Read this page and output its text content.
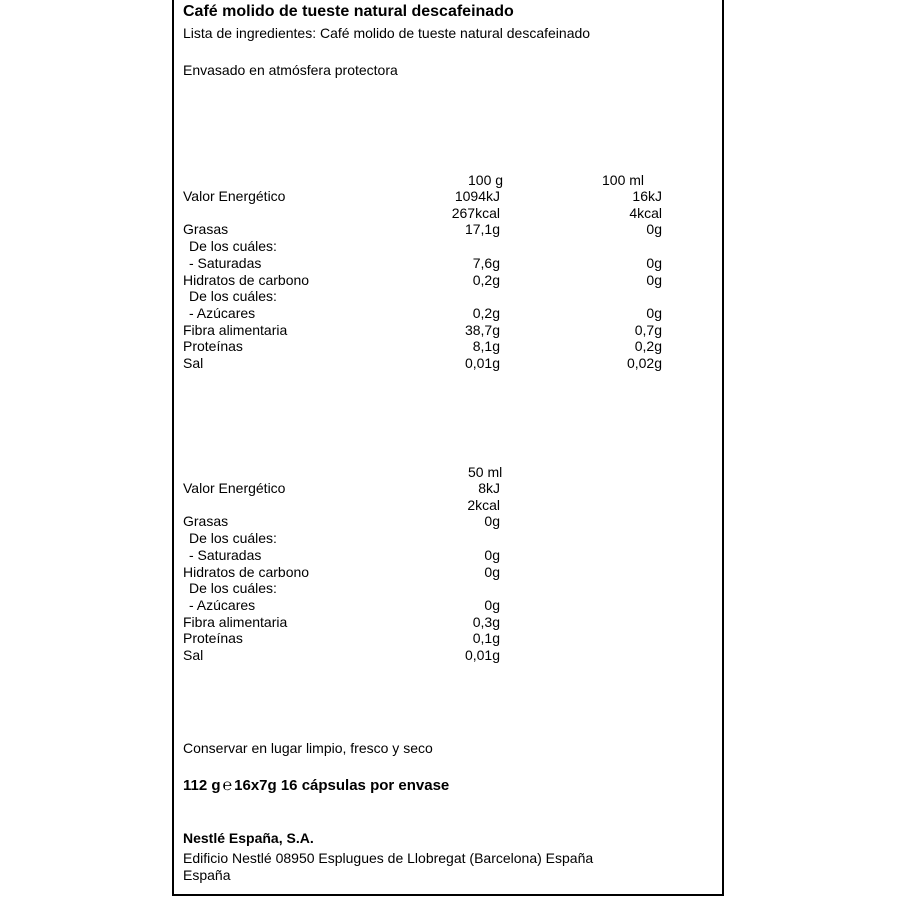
Café molido de tueste natural descafeinado
Lista de ingredientes: Café molido de tueste natural descafeinado
Envasado en atmósfera protectora
100 g	100 ml
Valor Energético	1094kJ	16kJ
267kcal	4kcal
Grasas	17,1g	0g
De los cuáles:
- Saturadas	7,6g	0g
Hidratos de carbono	0,2g	0g
De los cuáles:
- Azúcares	0,2g	0g
Fibra alimentaria	38,7g	0,7g
Proteínas	8,1g	0,2g
Sal	0,01g	0,02g
50 ml
Valor Energético	8kJ
2kcal
Grasas	0g
De los cuáles:
- Saturadas	0g
Hidratos de carbono	0g
De los cuáles:
- Azúcares	0g
Fibra alimentaria	0,3g
Proteínas	0,1g
Sal	0,01g
Conservar en lugar limpio, fresco y seco
112 g ℮ 16x7g 16 cápsulas por envase
Nestlé España, S.A.
Edificio Nestlé 08950 Esplugues de Llobregat (Barcelona) España
España
